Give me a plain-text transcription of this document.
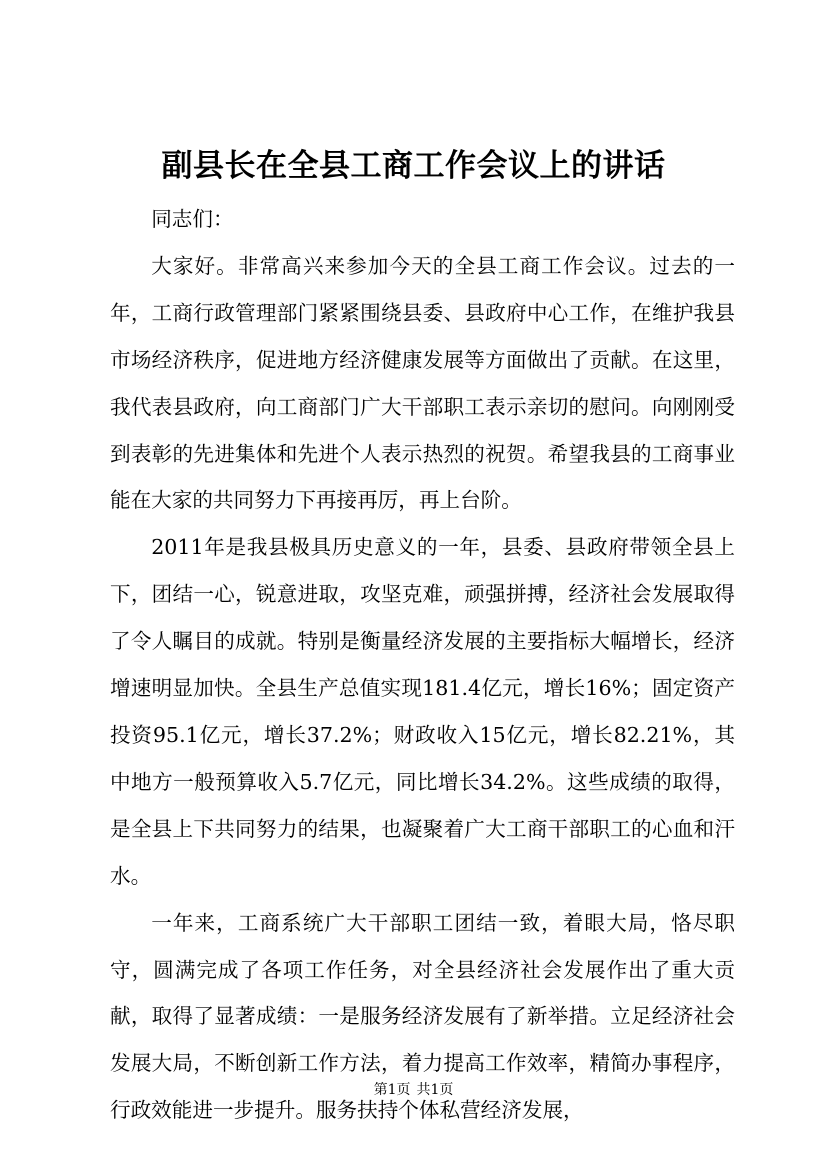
副县长在全县工商工作会议上的讲话

同志们：

大家好。非常高兴来参加今天的全县工商工作会议。过去的一年，工商行政管理部门紧紧围绕县委、县政府中心工作，在维护我县市场经济秩序，促进地方经济健康发展等方面做出了贡献。在这里，我代表县政府，向工商部门广大干部职工表示亲切的慰问。向刚刚受到表彰的先进集体和先进个人表示热烈的祝贺。希望我县的工商事业能在大家的共同努力下再接再厉，再上台阶。

2011年是我县极具历史意义的一年，县委、县政府带领全县上下，团结一心，锐意进取，攻坚克难，顽强拼搏，经济社会发展取得了令人瞩目的成就。特别是衡量经济发展的主要指标大幅增长，经济增速明显加快。全县生产总值实现181.4亿元，增长16%；固定资产投资95.1亿元，增长37.2%；财政收入15亿元，增长82.21%，其中地方一般预算收入5.7亿元，同比增长34.2%。这些成绩的取得，是全县上下共同努力的结果，也凝聚着广大工商干部职工的心血和汗水。

一年来，工商系统广大干部职工团结一致，着眼大局，恪尽职守，圆满完成了各项工作任务，对全县经济社会发展作出了重大贡献，取得了显著成绩：一是服务经济发展有了新举措。立足经济社会发展大局，不断创新工作方法，着力提高工作效率，精简办事程序，行政效能进一步提升。服务扶持个体私营经济发展，

第1页 共1页
